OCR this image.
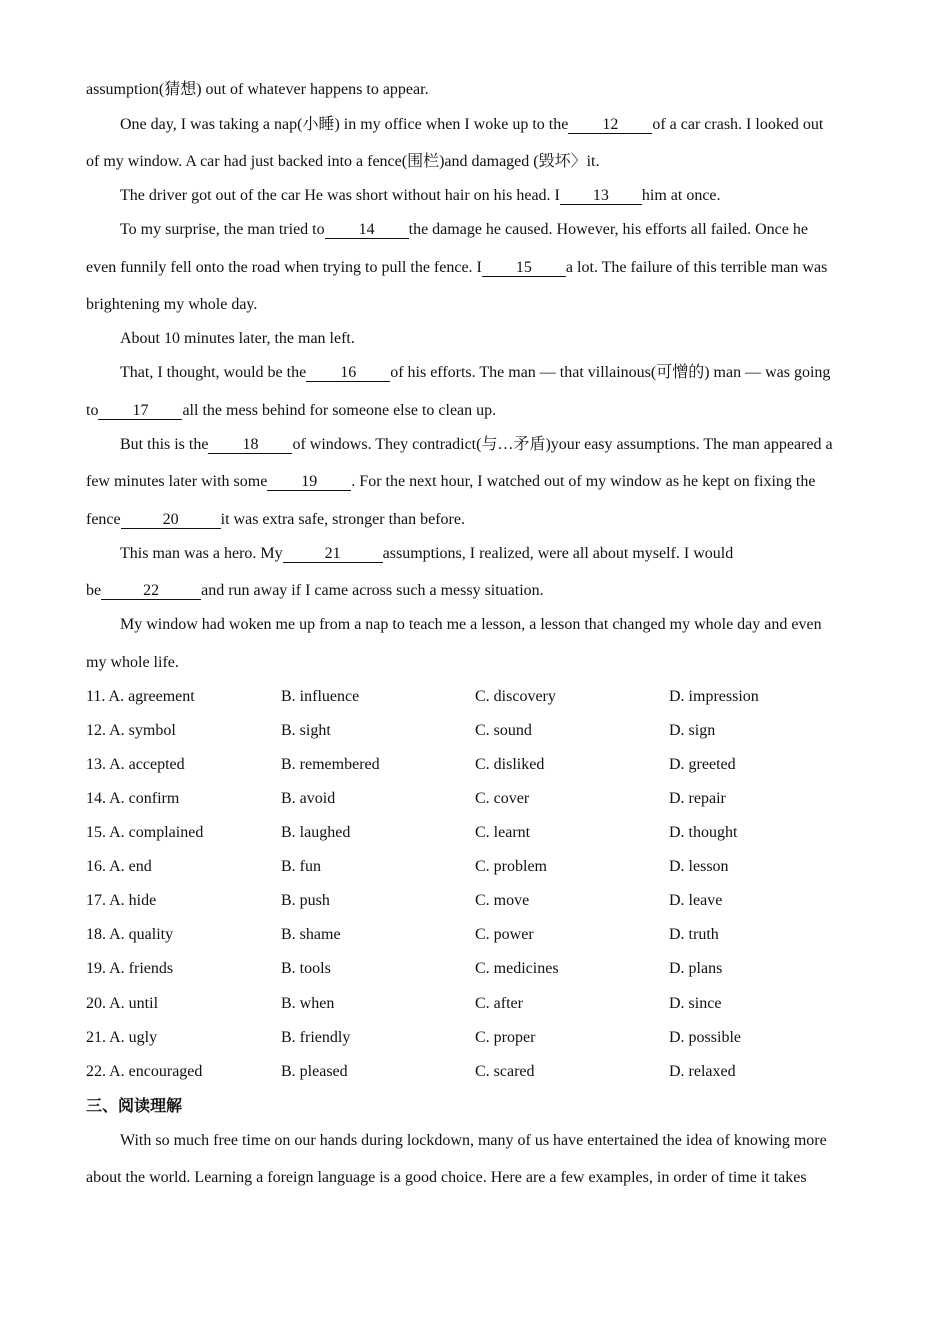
assumption(猜想) out of whatever happens to appear.
One day, I was taking a nap(小睡) in my office when I woke up to the 12 of a car crash. I looked out
of my window. A car had just backed into a fence(围栏)and damaged (毁坏〉it.
The driver got out of the car He was short without hair on his head. I 13 him at once.
To my surprise, the man tried to 14 the damage he caused. However, his efforts all failed. Once he
even funnily fell onto the road when trying to pull the fence. I 15 a lot. The failure of this terrible man was
brightening my whole day.
About 10 minutes later, the man left.
That, I thought, would be the 16 of his efforts. The man — that villainous(可憎的) man — was going
to 17 all the mess behind for someone else to clean up.
But this is the 18 of windows. They contradict(与…矛盾)your easy assumptions. The man appeared a
few minutes later with some 19 . For the next hour, I watched out of my window as he kept on fixing the
fence	20	it was extra safe, stronger than before.
This man was a hero. My	21	assumptions, I realized, were all about myself. I would
be	22	and run away if I came across such a messy situation.
My window had woken me up from a nap to teach me a lesson, a lesson that changed my whole day and even
my whole life.
11. A. agreement	B. influence	C. discovery	D. impression
12. A. symbol	B. sight	C. sound	D. sign
13. A. accepted	B. remembered	C. disliked	D. greeted
14. A. confirm	B. avoid	C. cover	D. repair
15. A. complained	B. laughed	C. learnt	D. thought
16. A. end	B. fun	C. problem	D. lesson
17. A. hide	B. push	C. move	D. leave
18. A. quality	B. shame	C. power	D. truth
19. A. friends	B. tools	C. medicines	D. plans
20. A. until	B. when	C. after	D. since
21. A. ugly	B. friendly	C. proper	D. possible
22. A. encouraged	B. pleased	C. scared	D. relaxed
三、阅读理解
With so much free time on our hands during lockdown, many of us have entertained the idea of knowing more
about the world. Learning a foreign language is a good choice. Here are a few examples, in order of time it takes
